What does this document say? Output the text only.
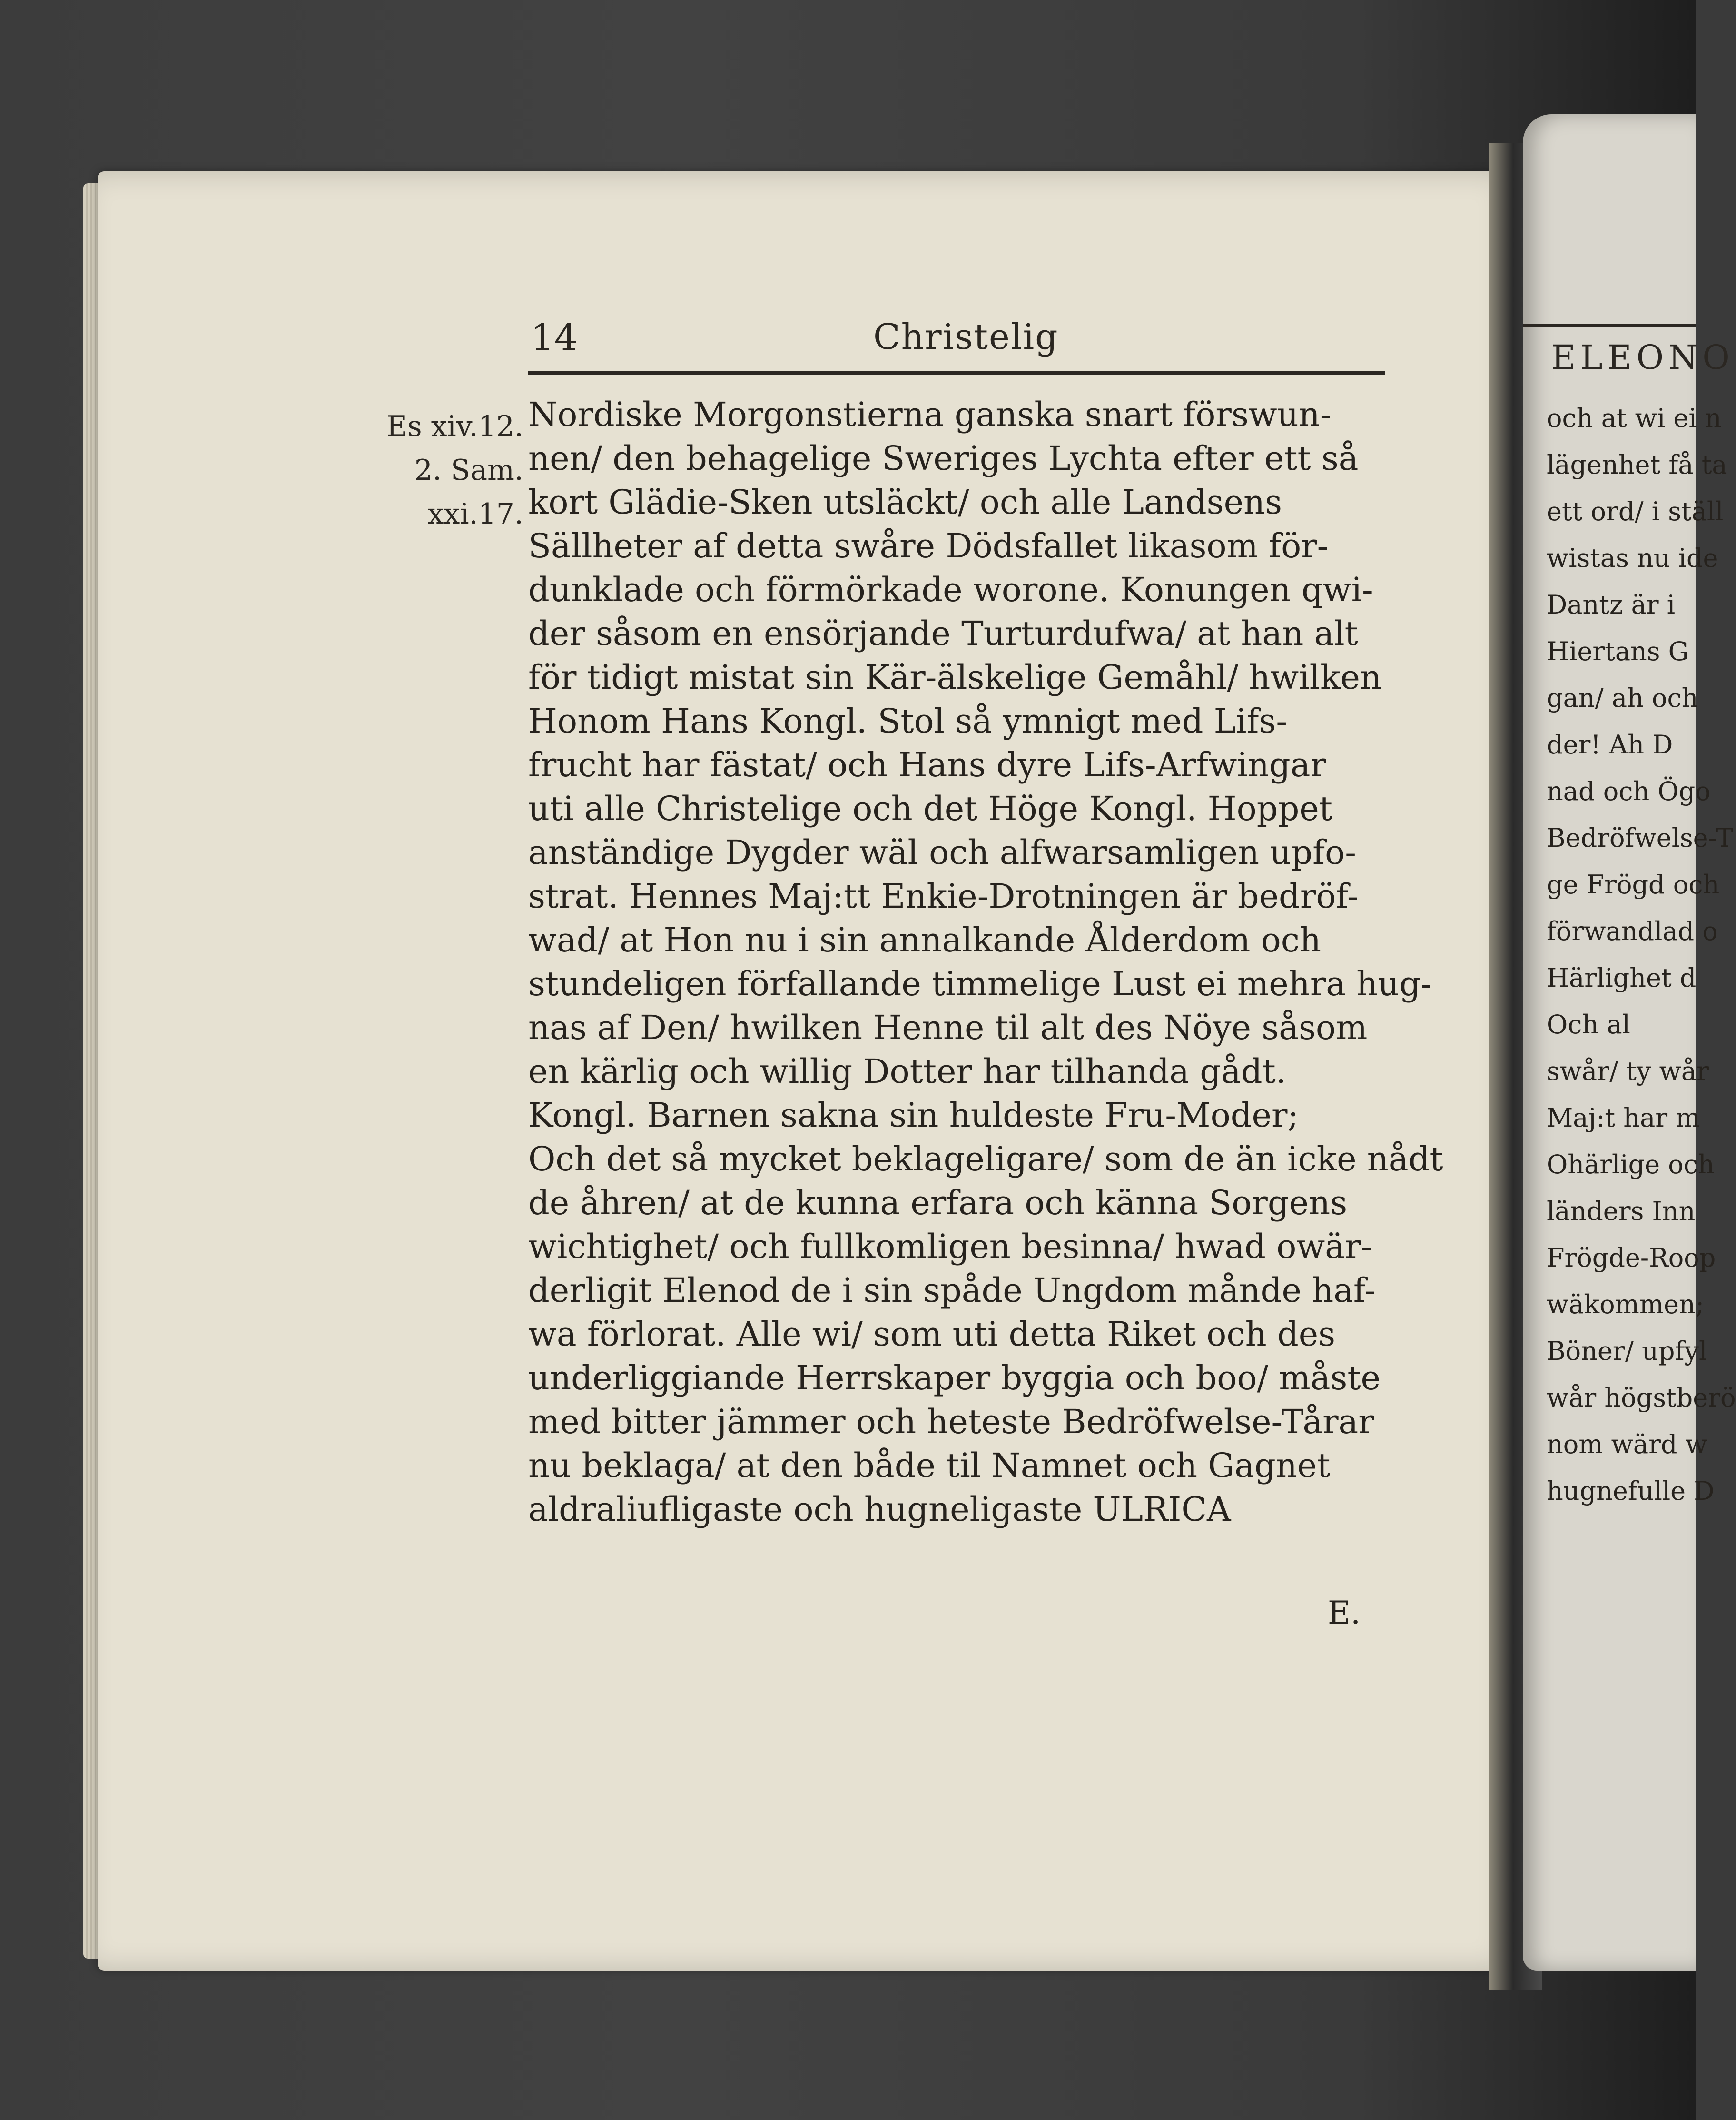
14	Christelig
Es xiv.12.
2. Sam.
xxi.17.
Nordiske Morgonstierna ganska snart förswun-
nen/ den behagelige Sweriges Lychta efter ett så
kort Glädie-Sken utsläckt/ och alle Landsens
Sällheter af detta swåre Dödsfallet likasom för-
dunklade och förmörkade worone. Konungen qwi-
der såsom en ensörjande Turturdufwa/ at han alt
för tidigt mistat sin Kär-älskelige Gemåhl/ hwilken
Honom Hans Kongl. Stol så ymnigt med Lifs-
frucht har fästat/ och Hans dyre Lifs-Arfwingar
uti alle Christelige och det Höge Kongl. Hoppet
anständige Dygder wäl och alfwarsamligen upfo-
strat. Hennes Maj:tt Enkie-Drotningen är bedröf-
wad/ at Hon nu i sin annalkande Ålderdom och
stundeligen förfallande timmelige Lust ei mehra hug-
nas af Den/ hwilken Henne til alt des Nöye såsom
en kärlig och willig Dotter har tilhanda gådt.
Kongl. Barnen sakna sin huldeste Fru-Moder;
Och det så mycket beklageligare/ som de än icke nådt
de åhren/ at de kunna erfara och känna Sorgens
wichtighet/ och fullkomligen besinna/ hwad owär-
derligit Elenod de i sin spåde Ungdom månde haf-
wa förlorat. Alle wi/ som uti detta Riket och des
underliggiande Herrskaper byggia och boo/ måste
med bitter jämmer och heteste Bedröfwelse-Tårar
nu beklaga/ at den både til Namnet och Gagnet
aldraliufligaste och hugneligaste ULRICA
E.
ELEONO
och at wi ei n
lägenhet få ta
ett ord/ i ställ
wistas nu ide
Dantz är i
Hiertans G
gan/ ah och
der! Ah D
nad och Ögo
Bedröfwelse-T
ge Frögd och
förwandlad o
Härlighet d
Och al
swår/ ty wår
Maj:t har m
Ohärlige och
länders Inn
Frögde-Roop
wäkommen;
Böner/ upfyl
wår högstberö
nom wärd w
hugnefulle D
